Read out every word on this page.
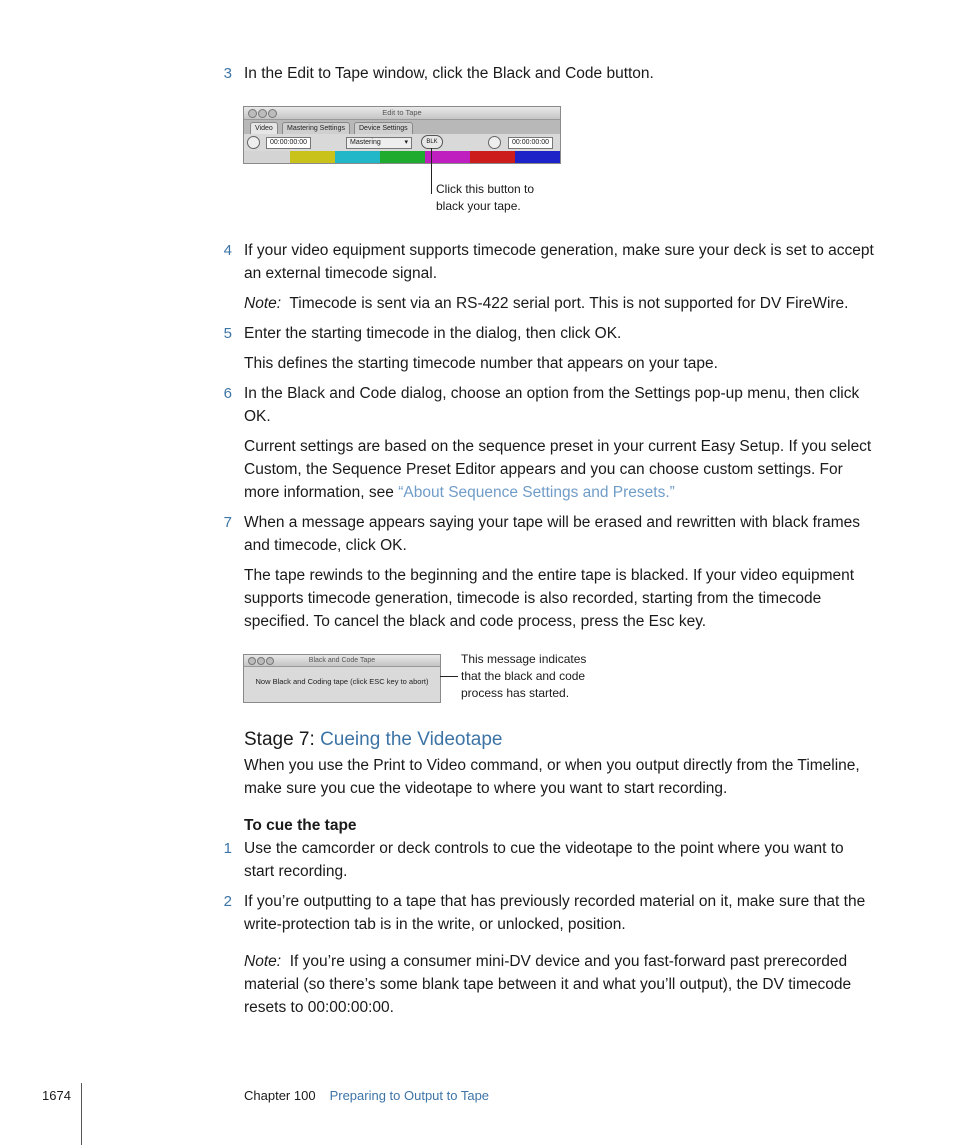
3 In the Edit to Tape window, click the Black and Code button.
Edit to Tape
Video	Mastering Settings	Device Settings
00:00:00:00	Mastering	▾	BLK	00:00:00:00
Click this button to
black your tape.
4 If your video equipment supports timecode generation, make sure your deck is set to accept an external timecode signal.
Note: Timecode is sent via an RS-422 serial port. This is not supported for DV FireWire.
5 Enter the starting timecode in the dialog, then click OK.
This defines the starting timecode number that appears on your tape.
6 In the Black and Code dialog, choose an option from the Settings pop-up menu, then click OK.
Current settings are based on the sequence preset in your current Easy Setup. If you select Custom, the Sequence Preset Editor appears and you can choose custom settings. For more information, see “About Sequence Settings and Presets.”
7 When a message appears saying your tape will be erased and rewritten with black frames and timecode, click OK.
The tape rewinds to the beginning and the entire tape is blacked. If your video equipment supports timecode generation, timecode is also recorded, starting from the timecode specified. To cancel the black and code process, press the Esc key.
Black and Code Tape
Now Black and Coding tape (click ESC key to abort)
This message indicates
that the black and code
process has started.
Stage 7: Cueing the Videotape
When you use the Print to Video command, or when you output directly from the Timeline, make sure you cue the videotape to where you want to start recording.
To cue the tape
1 Use the camcorder or deck controls to cue the videotape to the point where you want to start recording.
2 If you’re outputting to a tape that has previously recorded material on it, make sure that the write-protection tab is in the write, or unlocked, position.
Note: If you’re using a consumer mini-DV device and you fast-forward past prerecorded material (so there’s some blank tape between it and what you’ll output), the DV timecode resets to 00:00:00:00.
1674	Chapter 100 Preparing to Output to Tape
